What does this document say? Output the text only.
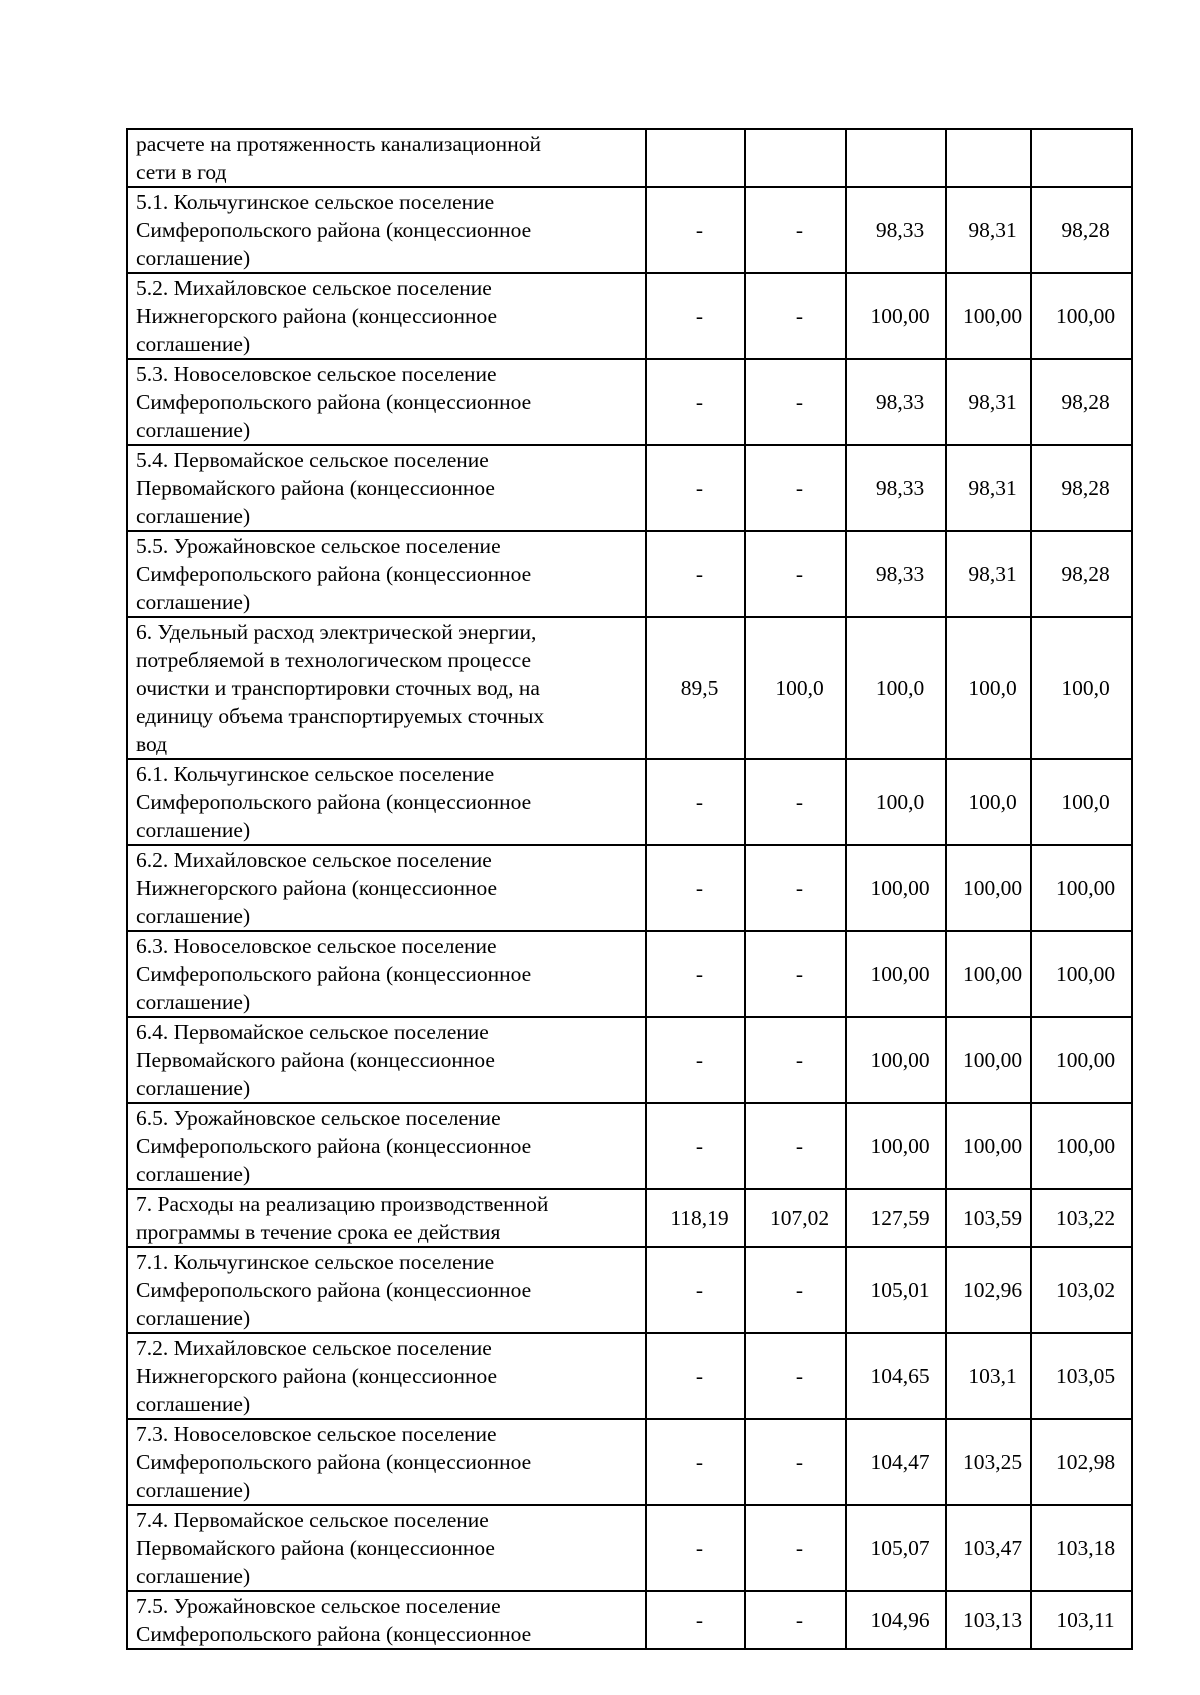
расчете на протяженность канализационной
сети в год					
5.1. Кольчугинское сельское поселение
Симферопольского района (концессионное
соглашение)	-	-	98,33	98,31	98,28
5.2. Михайловское сельское поселение
Нижнегорского района (концессионное
соглашение)	-	-	100,00	100,00	100,00
5.3. Новоселовское сельское поселение
Симферопольского района (концессионное
соглашение)	-	-	98,33	98,31	98,28
5.4. Первомайское сельское поселение
Первомайского района (концессионное
соглашение)	-	-	98,33	98,31	98,28
5.5. Урожайновское сельское поселение
Симферопольского района (концессионное
соглашение)	-	-	98,33	98,31	98,28
6. Удельный расход электрической энергии,
потребляемой в технологическом процессе
очистки и транспортировки сточных вод, на
единицу объема транспортируемых сточных
вод	89,5	100,0	100,0	100,0	100,0
6.1. Кольчугинское сельское поселение
Симферопольского района (концессионное
соглашение)	-	-	100,0	100,0	100,0
6.2. Михайловское сельское поселение
Нижнегорского района (концессионное
соглашение)	-	-	100,00	100,00	100,00
6.3. Новоселовское сельское поселение
Симферопольского района (концессионное
соглашение)	-	-	100,00	100,00	100,00
6.4. Первомайское сельское поселение
Первомайского района (концессионное
соглашение)	-	-	100,00	100,00	100,00
6.5. Урожайновское сельское поселение
Симферопольского района (концессионное
соглашение)	-	-	100,00	100,00	100,00
7. Расходы на реализацию производственной
программы в течение срока ее действия	118,19	107,02	127,59	103,59	103,22
7.1. Кольчугинское сельское поселение
Симферопольского района (концессионное
соглашение)	-	-	105,01	102,96	103,02
7.2. Михайловское сельское поселение
Нижнегорского района (концессионное
соглашение)	-	-	104,65	103,1	103,05
7.3. Новоселовское сельское поселение
Симферопольского района (концессионное
соглашение)	-	-	104,47	103,25	102,98
7.4. Первомайское сельское поселение
Первомайского района (концессионное
соглашение)	-	-	105,07	103,47	103,18
7.5. Урожайновское сельское поселение
Симферопольского района (концессионное	-	-	104,96	103,13	103,11
